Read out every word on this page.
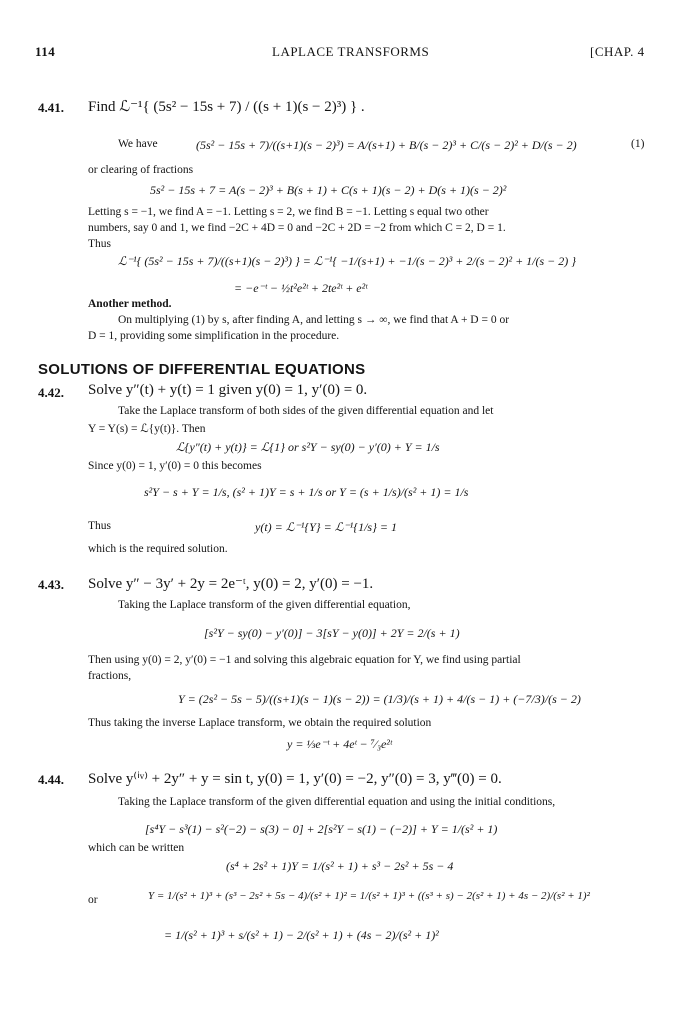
114	LAPLACE TRANSFORMS	[CHAP. 4
4.41. Find ℒ⁻¹{ (5s² − 15s + 7) / ((s + 1)(s − 2)³) } .
We have	(5s² − 15s + 7)/((s+1)(s − 2)³) = A/(s+1) + B/(s − 2)³ + C/(s − 2)² + D/(s − 2)	(1)
or clearing of fractions
5s² − 15s + 7 = A(s − 2)³ + B(s + 1) + C(s + 1)(s − 2) + D(s + 1)(s − 2)²
Letting s = −1, we find A = −1. Letting s = 2, we find B = −1. Letting s equal two other
numbers, say 0 and 1, we find −2C + 4D = 0 and −2C + 2D = −2 from which C = 2, D = 1.
Thus
ℒ⁻¹{ (5s² − 15s + 7)/((s+1)(s − 2)³) } = ℒ⁻¹{ −1/(s+1) + −1/(s − 2)³ + 2/(s − 2)² + 1/(s − 2) }
= −e⁻ᵗ − ½t²e²ᵗ + 2te²ᵗ + e²ᵗ
Another method.
On multiplying (1) by s, after finding A, and letting s → ∞, we find that A + D = 0 or
D = 1, providing some simplification in the procedure.
SOLUTIONS OF DIFFERENTIAL EQUATIONS
4.42. Solve y″(t) + y(t) = 1 given y(0) = 1, y′(0) = 0.
Take the Laplace transform of both sides of the given differential equation and let
Y = Y(s) = ℒ{y(t)}. Then
ℒ{y″(t) + y(t)} = ℒ{1} or s²Y − sy(0) − y′(0) + Y = 1/s
Since y(0) = 1, y′(0) = 0 this becomes
s²Y − s + Y = 1/s, (s² + 1)Y = s + 1/s or Y = (s + 1/s)/(s² + 1) = 1/s
Thus	y(t) = ℒ⁻¹{Y} = ℒ⁻¹{1/s} = 1
which is the required solution.
4.43. Solve y″ − 3y′ + 2y = 2e⁻ᵗ, y(0) = 2, y′(0) = −1.
Taking the Laplace transform of the given differential equation,
[s²Y − sy(0) − y′(0)] − 3[sY − y(0)] + 2Y = 2/(s + 1)
Then using y(0) = 2, y′(0) = −1 and solving this algebraic equation for Y, we find using partial
fractions,
Y = (2s² − 5s − 5)/((s+1)(s − 1)(s − 2)) = (1/3)/(s + 1) + 4/(s − 1) + (−7/3)/(s − 2)
Thus taking the inverse Laplace transform, we obtain the required solution
y = ⅓e⁻ᵗ + 4eᵗ − ⁷⁄₃e²ᵗ
4.44. Solve y⁽ⁱᵛ⁾ + 2y″ + y = sin t, y(0) = 1, y′(0) = −2, y″(0) = 3, y‴(0) = 0.
Taking the Laplace transform of the given differential equation and using the initial conditions,
[s⁴Y − s³(1) − s²(−2) − s(3) − 0] + 2[s²Y − s(1) − (−2)] + Y = 1/(s² + 1)
which can be written
(s⁴ + 2s² + 1)Y = 1/(s² + 1) + s³ − 2s² + 5s − 4
or	Y = 1/(s² + 1)³ + (s³ − 2s² + 5s − 4)/(s² + 1)² = 1/(s² + 1)³ + ((s³ + s) − 2(s² + 1) + 4s − 2)/(s² + 1)²
= 1/(s² + 1)³ + s/(s² + 1) − 2/(s² + 1) + (4s − 2)/(s² + 1)²
